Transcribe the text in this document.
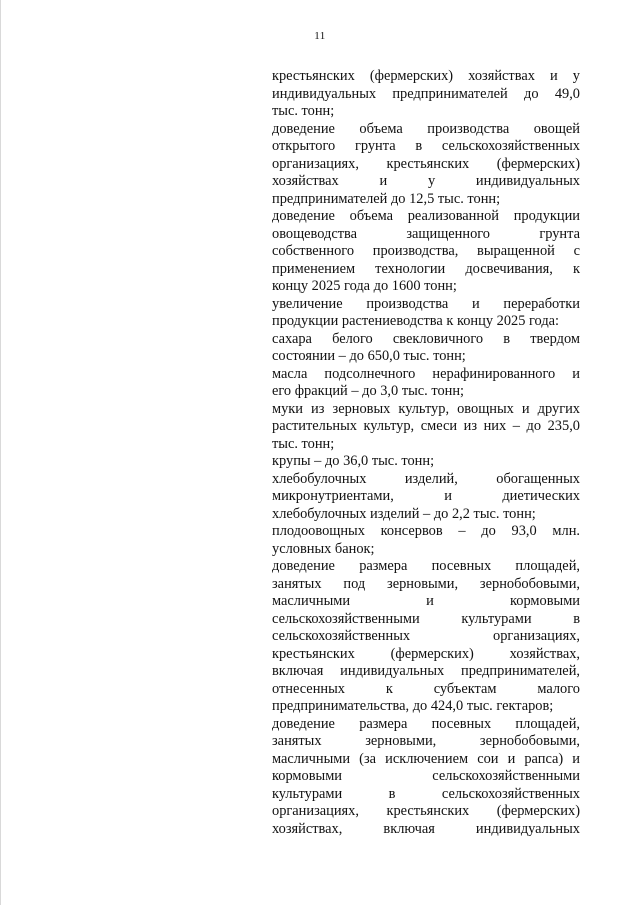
11
крестьянских (фермерских) хозяйствах и у
индивидуальных предпринимателей до 49,0
тыс. тонн;
доведение объема производства овощей
открытого грунта в сельскохозяйственных
организациях, крестьянских (фермерских)
хозяйствах и у индивидуальных
предпринимателей до 12,5 тыс. тонн;
доведение объема реализованной продукции
овощеводства защищенного грунта
собственного производства, выращенной с
применением технологии досвечивания, к
концу 2025 года до 1600 тонн;
увеличение производства и переработки
продукции растениеводства к концу 2025 года:
сахара белого свекловичного в твердом
состоянии – до 650,0 тыс. тонн;
масла подсолнечного нерафинированного и
его фракций – до 3,0 тыс. тонн;
муки из зерновых культур, овощных и других
растительных культур, смеси из них – до 235,0
тыс. тонн;
крупы – до 36,0 тыс. тонн;
хлебобулочных изделий, обогащенных
микронутриентами, и диетических
хлебобулочных изделий – до 2,2 тыс. тонн;
плодоовощных консервов – до 93,0 млн.
условных банок;
доведение размера посевных площадей,
занятых под зерновыми, зернобобовыми,
масличными и кормовыми
сельскохозяйственными культурами в
сельскохозяйственных организациях,
крестьянских (фермерских) хозяйствах,
включая индивидуальных предпринимателей,
отнесенных к субъектам малого
предпринимательства, до 424,0 тыс. гектаров;
доведение размера посевных площадей,
занятых зерновыми, зернобобовыми,
масличными (за исключением сои и рапса) и
кормовыми сельскохозяйственными
культурами в сельскохозяйственных
организациях, крестьянских (фермерских)
хозяйствах, включая индивидуальных
